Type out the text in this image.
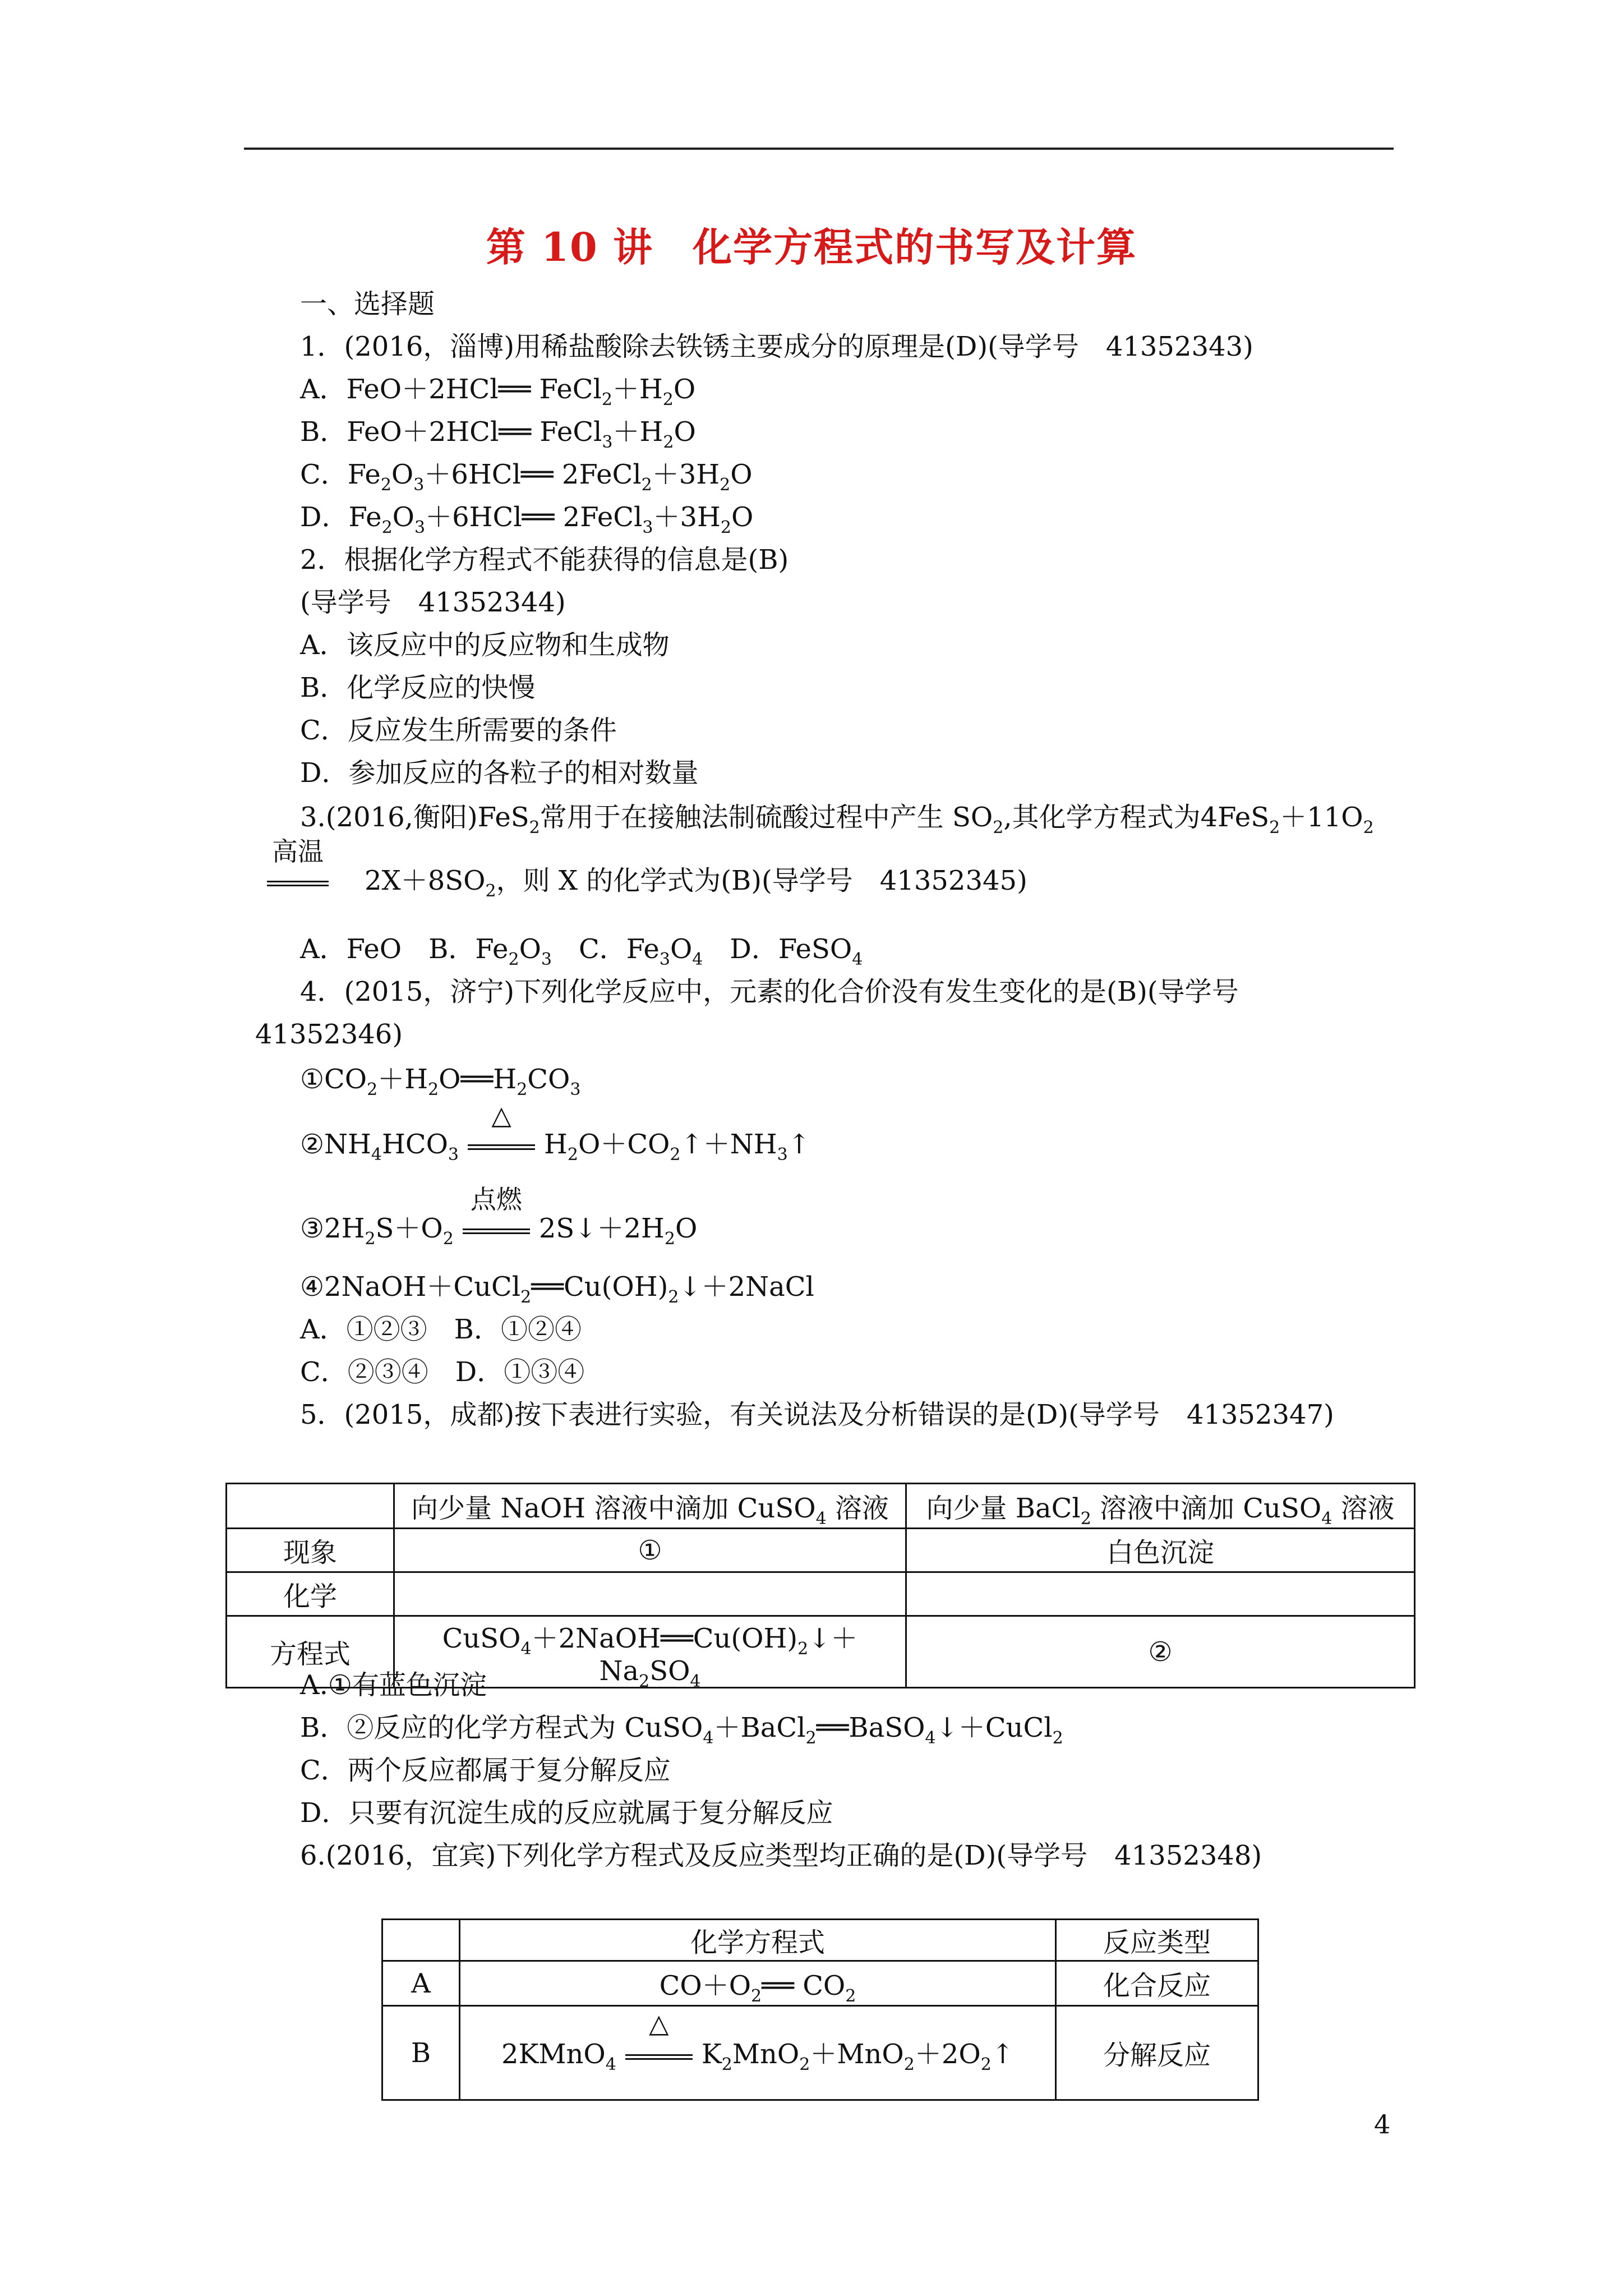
第 10 讲 化学方程式的书写及计算
一、选择题
1．(2016，淄博)用稀盐酸除去铁锈主要成分的原理是(D)(导学号　41352343)
A．FeO＋2HCl══ $FeCl_2+H_2O$
B．FeO＋2HCl══ $FeCl_3+H_2O$
C．$Fe_2O_3+6HCl══$ $2FeCl_2+3H_2O$
D．$Fe_2O_3+6HCl══$ $2FeCl_3+3H_2O$
2．根据化学方程式不能获得的信息是(B)
(导学号　41352344)
A．该反应中的反应物和生成物
B．化学反应的快慢
C．反应发生所需要的条件
D．参加反应的各粒子的相对数量
3.(2016,衡阳)FeS$_2$常用于在接触法制硫酸过程中产生 $SO_2$,其化学方程式为$4FeS_2+11O_2$
高温
　$2X+8SO_2$，则 X 的化学式为(B)(导学号　41352345)
A．FeO　B．$Fe_2O_3$　C．$Fe_3O_4$　D．FeSO$_4$
4．(2015，济宁)下列化学反应中，元素的化合价没有发生变化的是(B)(导学号
41352346)
$①CO_2+H_2O══H_2CO_3$
$②NH_4HCO_3$
△
$H_2O+CO_2↑+NH_3↑$
$③2H_2S+O_2$
点燃
$2S↓+2H_2O$
$④2NaOH+CuCl_2══Cu(OH)_2↓+2NaCl$
A．①②③　B．①②④
C．②③④　D．①③④
5．(2015，成都)按下表进行实验，有关说法及分析错误的是(D)(导学号　41352347)
	向少量 NaOH 溶液中滴加 CuSO$_4$ 溶液	向少量 BaCl$_2$ 溶液中滴加 CuSO$_4$ 溶液
现象	①	白色沉淀
化学		
方程式	$CuSO_4+2NaOH══Cu(OH)_2↓+Na_2SO_4$	②
A.①有蓝色沉淀
B．②反应的化学方程式为 CuSO$_4$＋BaCl$_2$══BaSO$_4$↓＋CuCl$_2$
C．两个反应都属于复分解反应
D．只要有沉淀生成的反应就属于复分解反应
6.(2016，宜宾)下列化学方程式及反应类型均正确的是(D)(导学号　41352348)
	化学方程式	反应类型
A	$CO+O_2══$ $CO_2$	化合反应
B	2KMnO$_4$
△
$K_2MnO_2+MnO_2+2O_2↑$	分解反应
4
